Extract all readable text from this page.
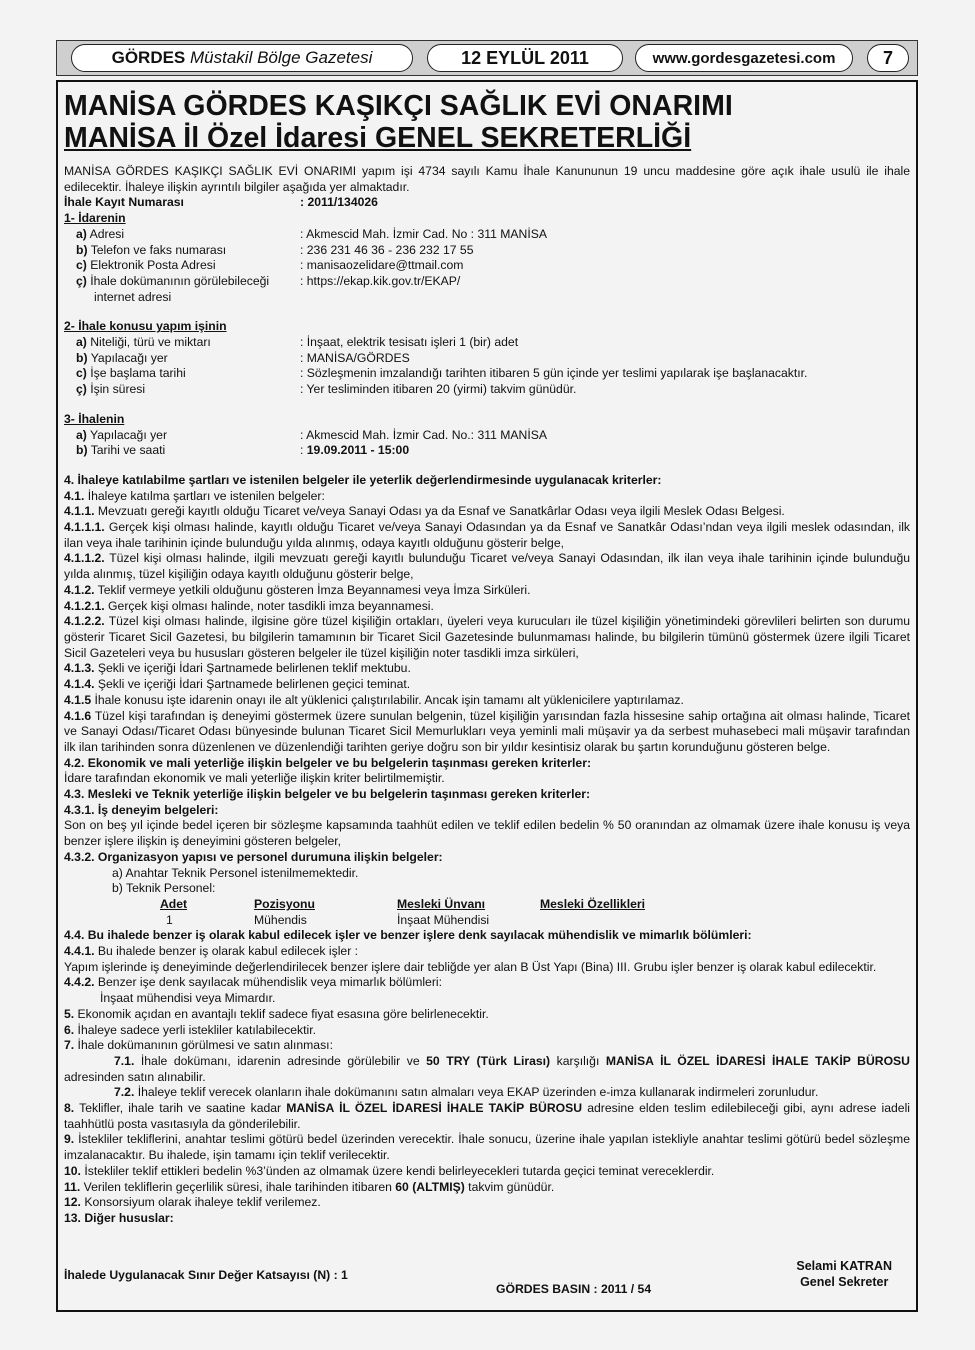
GÖRDES
Müstakil Bölge Gazetesi	12 EYLÜL 2011	www.gordesgazetesi.com	7
MANİSA GÖRDES KAŞIKÇI SAĞLIK EVİ ONARIMI
MANİSA İl Özel İdaresi GENEL SEKRETERLİĞİ

MANİSA GÖRDES KAŞIKÇI SAĞLIK EVİ ONARIMI yapım işi 4734 sayılı Kamu İhale Kanununun 19 uncu maddesine göre açık ihale usulü ile ihale edilecektir. İhaleye ilişkin ayrıntılı bilgiler aşağıda yer almaktadır.

İhale Kayıt Numarası	: 2011/134026
1- İdarenin
a) Adresi	: Akmescid Mah. İzmir Cad. No : 311 MANİSA
b) Telefon ve faks numarası	: 236 231 46 36 - 236 232 17 55
c) Elektronik Posta Adresi	: manisaozelidare@ttmail.com
ç) İhale dokümanının görülebileceği	: https://ekap.kik.gov.tr/EKAP/
internet adresi
2- İhale konusu yapım işinin
a) Niteliği, türü ve miktarı	: İnşaat, elektrik tesisatı işleri 1 (bir) adet
b) Yapılacağı yer	: MANİSA/GÖRDES
c) İşe başlama tarihi	: Sözleşmenin imzalandığı tarihten itibaren 5 gün içinde yer teslimi yapılarak işe başlanacaktır.
ç) İşin süresi	: Yer tesliminden itibaren 20 (yirmi) takvim günüdür.
3- İhalenin
a) Yapılacağı yer	: Akmescid Mah. İzmir Cad. No.: 311 MANİSA
b) Tarihi ve saati	: 19.09.2011 - 15:00

4. İhaleye katılabilme şartları ve istenilen belgeler ile yeterlik değerlendirmesinde uygulanacak kriterler:

4.1. İhaleye katılma şartları ve istenilen belgeler:

4.1.1. Mevzuatı gereği kayıtlı olduğu Ticaret ve/veya Sanayi Odası ya da Esnaf ve Sanatkârlar Odası veya ilgili Meslek Odası Belgesi.

4.1.1.1. Gerçek kişi olması halinde, kayıtlı olduğu Ticaret ve/veya Sanayi Odasından ya da Esnaf ve Sanatkâr Odası’ndan veya ilgili meslek odasından, ilk ilan veya ihale tarihinin içinde bulunduğu yılda alınmış, odaya kayıtlı olduğunu gösterir belge,

4.1.1.2. Tüzel kişi olması halinde, ilgili mevzuatı gereği kayıtlı bulunduğu Ticaret ve/veya Sanayi Odasından, ilk ilan veya ihale tarihinin içinde bulunduğu yılda alınmış, tüzel kişiliğin odaya kayıtlı olduğunu gösterir belge,

4.1.2. Teklif vermeye yetkili olduğunu gösteren İmza Beyannamesi veya İmza Sirküleri.

4.1.2.1. Gerçek kişi olması halinde, noter tasdikli imza beyannamesi.

4.1.2.2. Tüzel kişi olması halinde, ilgisine göre tüzel kişiliğin ortakları, üyeleri veya kurucuları ile tüzel kişiliğin yönetimindeki görevlileri belirten son durumu gösterir Ticaret Sicil Gazetesi, bu bilgilerin tamamının bir Ticaret Sicil Gazetesinde bulunmaması halinde, bu bilgilerin tümünü göstermek üzere ilgili Ticaret Sicil Gazeteleri veya bu hususları gösteren belgeler ile tüzel kişiliğin noter tasdikli imza sirküleri,

4.1.3. Şekli ve içeriği İdari Şartnamede belirlenen teklif mektubu.

4.1.4. Şekli ve içeriği İdari Şartnamede belirlenen geçici teminat.

4.1.5 İhale konusu işte idarenin onayı ile alt yüklenici çalıştırılabilir. Ancak işin tamamı alt yüklenicilere yaptırılamaz.

4.1.6 Tüzel kişi tarafından iş deneyimi göstermek üzere sunulan belgenin, tüzel kişiliğin yarısından fazla hissesine sahip ortağına ait olması halinde, Ticaret ve Sanayi Odası/Ticaret Odası bünyesinde bulunan Ticaret Sicil Memurlukları veya yeminli mali müşavir ya da serbest muhasebeci mali müşavir tarafından ilk ilan tarihinden sonra düzenlenen ve düzenlendiği tarihten geriye doğru son bir yıldır kesintisiz olarak bu şartın korunduğunu gösteren belge.

4.2. Ekonomik ve mali yeterliğe ilişkin belgeler ve bu belgelerin taşınması gereken kriterler:

İdare tarafından ekonomik ve mali yeterliğe ilişkin kriter belirtilmemiştir.

4.3. Mesleki ve Teknik yeterliğe ilişkin belgeler ve bu belgelerin taşınması gereken kriterler:

4.3.1. İş deneyim belgeleri:

Son on beş yıl içinde bedel içeren bir sözleşme kapsamında taahhüt edilen ve teklif edilen bedelin % 50 oranından az olmamak üzere ihale konusu iş veya benzer işlere ilişkin iş deneyimini gösteren belgeler,

4.3.2. Organizasyon yapısı ve personel durumuna ilişkin belgeler:

a) Anahtar Teknik Personel istenilmemektedir.

b) Teknik Personel:

Adet	Pozisyonu	Mesleki Ünvanı	Mesleki Özellikleri
1	Mühendis	İnşaat Mühendisi

4.4. Bu ihalede benzer iş olarak kabul edilecek işler ve benzer işlere denk sayılacak mühendislik ve mimarlık bölümleri:

4.4.1. Bu ihalede benzer iş olarak kabul edilecek işler :

Yapım işlerinde iş deneyiminde değerlendirilecek benzer işlere dair tebliğde yer alan B Üst Yapı (Bina) III. Grubu işler benzer iş olarak kabul edilecektir.

4.4.2. Benzer işe denk sayılacak mühendislik veya mimarlık bölümleri:

İnşaat mühendisi veya Mimardır.

5. Ekonomik açıdan en avantajlı teklif sadece fiyat esasına göre belirlenecektir.

6. İhaleye sadece yerli istekliler katılabilecektir.

7. İhale dokümanının görülmesi ve satın alınması:

7.1. İhale dokümanı, idarenin adresinde görülebilir ve 50 TRY (Türk Lirası) karşılığı MANİSA İL ÖZEL İDARESİ İHALE TAKİP BÜROSU adresinden satın alınabilir.

7.2. İhaleye teklif verecek olanların ihale dokümanını satın almaları veya EKAP üzerinden e-imza kullanarak indirmeleri zorunludur.

8. Teklifler, ihale tarih ve saatine kadar MANİSA İL ÖZEL İDARESİ İHALE TAKİP BÜROSU adresine elden teslim edilebileceği gibi, aynı adrese iadeli taahhütlü posta vasıtasıyla da gönderilebilir.

9. İstekliler tekliflerini, anahtar teslimi götürü bedel üzerinden verecektir. İhale sonucu, üzerine ihale yapılan istekliyle anahtar teslimi götürü bedel sözleşme imzalanacaktır. Bu ihalede, işin tamamı için teklif verilecektir.

10. İstekliler teklif ettikleri bedelin %3’ünden az olmamak üzere kendi belirleyecekleri tutarda geçici teminat vereceklerdir.

11. Verilen tekliflerin geçerlilik süresi, ihale tarihinden itibaren 60 (ALTMIŞ) takvim günüdür.

12. Konsorsiyum olarak ihaleye teklif verilemez.

13. Diğer hususlar:

İhalede Uygulanacak Sınır Değer Katsayısı (N) : 1
GÖRDES BASIN : 2011 / 54
Selami KATRAN
Genel Sekreter
